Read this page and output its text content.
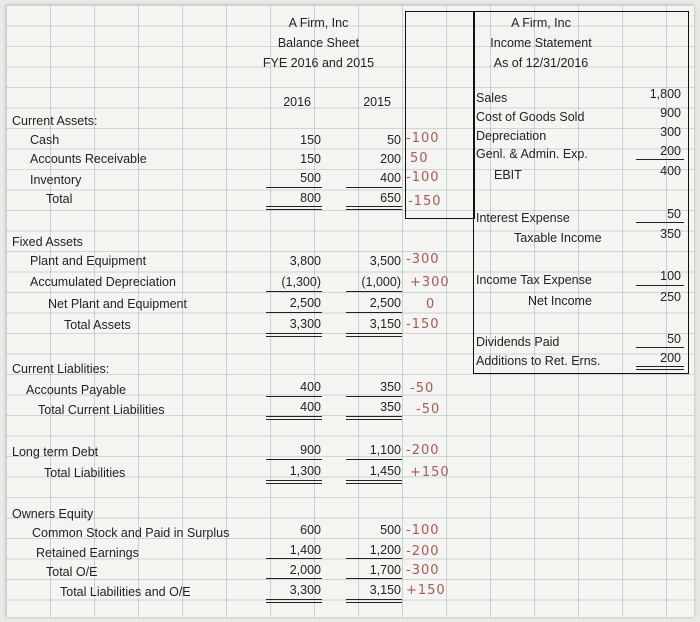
A Firm, Inc
Balance Sheet
FYE 2016 and 2015
A Firm, Inc
Income Statement
As of 12/31/2016
2016	2015
Current Assets:
Cash	150	50 -100
Accounts Receivable	150	200 50
Inventory	500	400 -100
Total	800	650 -150
Fixed Assets
Plant and Equipment	3,800	3,500 -300
Accumulated Depreciation	(1,300)	(1,000) +300
Net Plant and Equipment	2,500	2,500 0
Total Assets	3,300	3,150 -150
Current Liablities:
Accounts Payable	400	350 -50
Total Current Liabilities	400	350 -50
Long term Debt	900	1,100 -200
Total Liabilities	1,300	1,450 +150
Owners Equity
Common Stock and Paid in Surplus	600	500 -100
Retained Earnings	1,400	1,200 -200
Total O/E	2,000	1,700 -300
Total Liabilities and O/E	3,300	3,150 +150
Sales	1,800
Cost of Goods Sold	900
Depreciation	300
Genl. & Admin. Exp.	200
EBIT	400
Interest Expense	50
Taxable Income	350
Income Tax Expense	100
Net Income	250
Dividends Paid	50
Additions to Ret. Erns.	200
